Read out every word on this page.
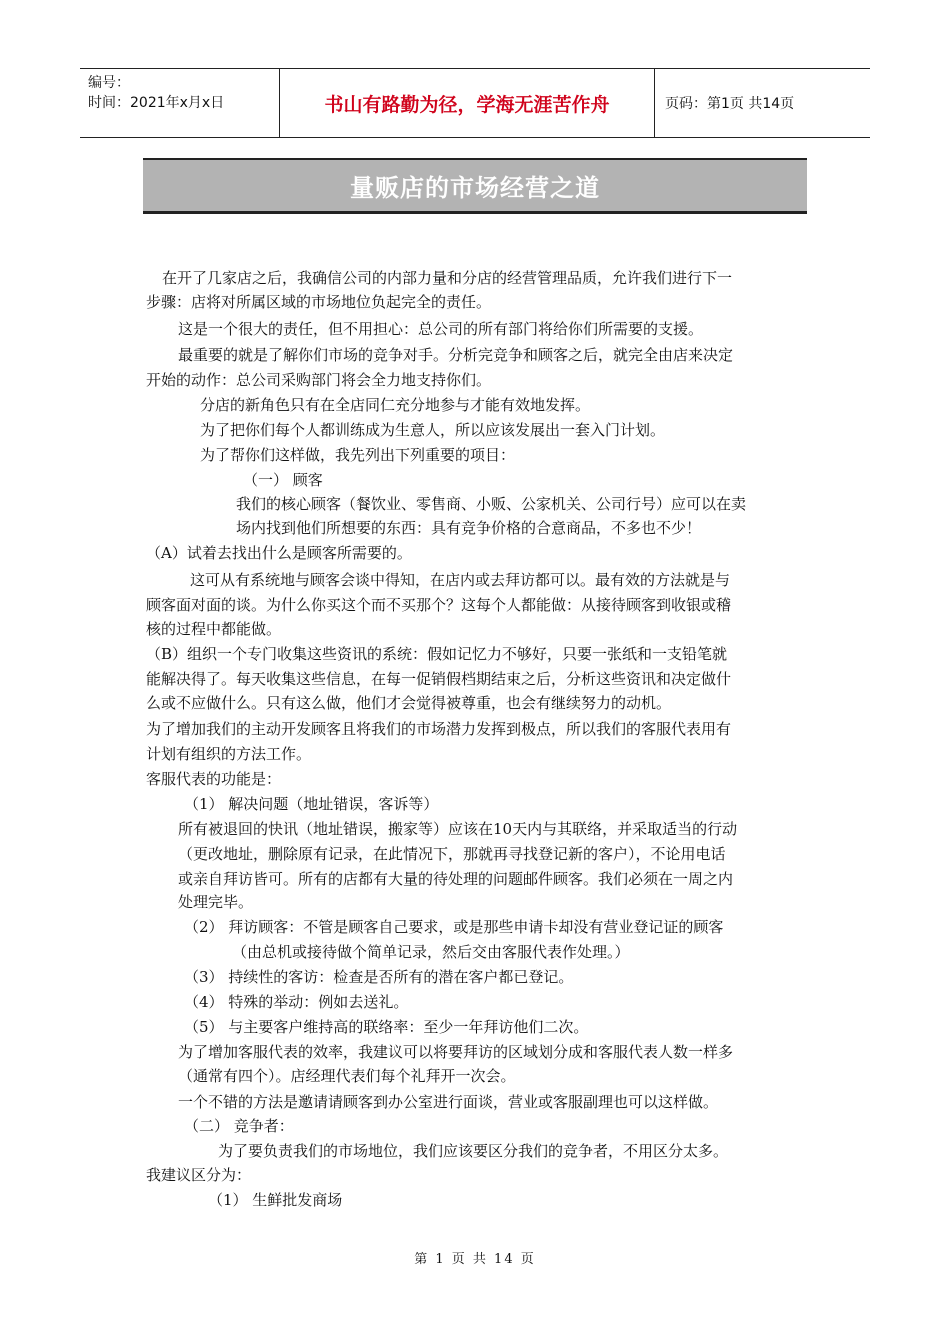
编号：
时间：2021年x月x日	书山有路勤为径，学海无涯苦作舟	页码：第1页 共14页
量贩店的市场经营之道
在开了几家店之后，我确信公司的内部力量和分店的经营管理品质，允许我们进行下一
步骤：店将对所属区域的市场地位负起完全的责任。
这是一个很大的责任，但不用担心：总公司的所有部门将给你们所需要的支援。
最重要的就是了解你们市场的竞争对手。分析完竞争和顾客之后，就完全由店来决定
开始的动作：总公司采购部门将会全力地支持你们。
分店的新角色只有在全店同仁充分地参与才能有效地发挥。
为了把你们每个人都训练成为生意人，所以应该发展出一套入门计划。
为了帮你们这样做，我先列出下列重要的项目：
（一） 顾客
我们的核心顾客（餐饮业、零售商、小贩、公家机关、公司行号）应可以在卖
场内找到他们所想要的东西：具有竞争价格的合意商品，不多也不少！
（A）试着去找出什么是顾客所需要的。
这可从有系统地与顾客会谈中得知，在店内或去拜访都可以。最有效的方法就是与
顾客面对面的谈。为什么你买这个而不买那个？这每个人都能做：从接待顾客到收银或稽
核的过程中都能做。
（B）组织一个专门收集这些资讯的系统：假如记忆力不够好，只要一张纸和一支铅笔就
能解决得了。每天收集这些信息，在每一促销假档期结束之后，分析这些资讯和决定做什
么或不应做什么。只有这么做，他们才会觉得被尊重，也会有继续努力的动机。
为了增加我们的主动开发顾客且将我们的市场潜力发挥到极点，所以我们的客服代表用有
计划有组织的方法工作。
客服代表的功能是：
（1） 解决问题（地址错误，客诉等）
所有被退回的快讯（地址错误，搬家等）应该在10天内与其联络，并采取适当的行动
（更改地址，删除原有记录，在此情况下，那就再寻找登记新的客户），不论用电话
或亲自拜访皆可。所有的店都有大量的待处理的问题邮件顾客。我们必须在一周之内
处理完毕。
（2） 拜访顾客：不管是顾客自己要求，或是那些申请卡却没有营业登记证的顾客
（由总机或接待做个简单记录，然后交由客服代表作处理。）
（3） 持续性的客访：检查是否所有的潜在客户都已登记。
（4） 特殊的举动：例如去送礼。
（5） 与主要客户维持高的联络率：至少一年拜访他们二次。
为了增加客服代表的效率，我建议可以将要拜访的区域划分成和客服代表人数一样多
（通常有四个）。店经理代表们每个礼拜开一次会。
一个不错的方法是邀请请顾客到办公室进行面谈，营业或客服副理也可以这样做。
（二） 竞争者：
为了要负责我们的市场地位，我们应该要区分我们的竞争者，不用区分太多。
我建议区分为：
（1） 生鲜批发商场
第 1 页 共 14 页
